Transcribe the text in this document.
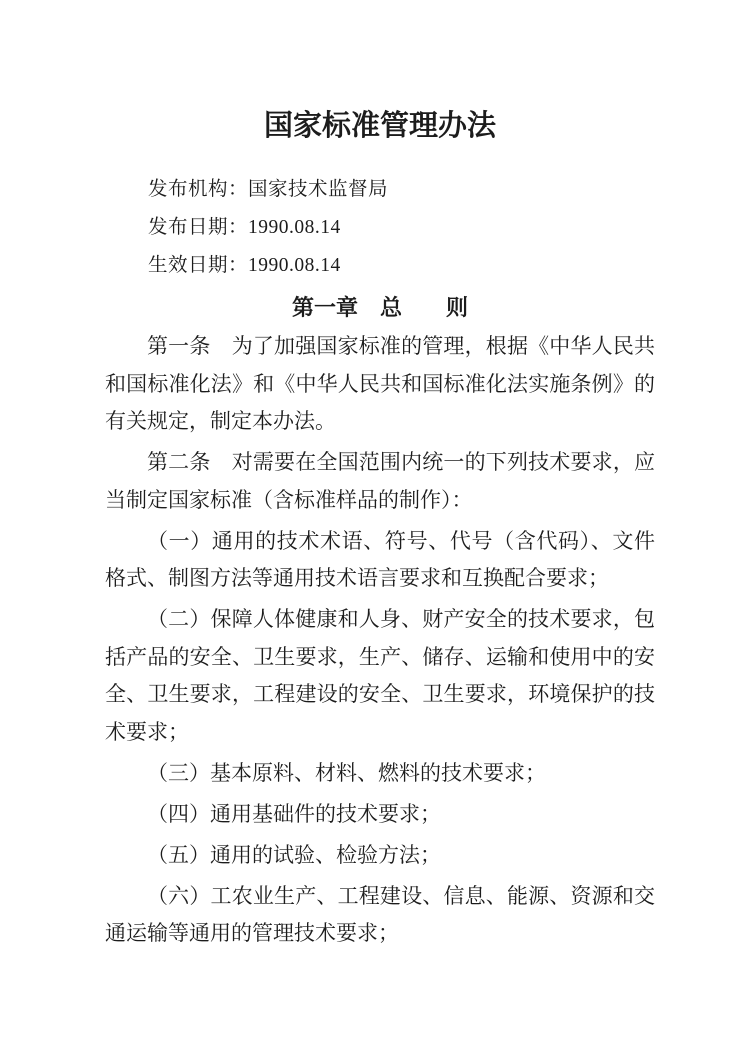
国家标准管理办法
发布机构：国家技术监督局
发布日期：1990.08.14
生效日期：1990.08.14
第一章　总　　则
第一条　为了加强国家标准的管理，根据《中华人民共
和国标准化法》和《中华人民共和国标准化法实施条例》的
有关规定，制定本办法。
第二条　对需要在全国范围内统一的下列技术要求，应
当制定国家标准（含标准样品的制作）：
（一）通用的技术术语、符号、代号（含代码）、文件
格式、制图方法等通用技术语言要求和互换配合要求；
（二）保障人体健康和人身、财产安全的技术要求，包
括产品的安全、卫生要求，生产、储存、运输和使用中的安
全、卫生要求，工程建设的安全、卫生要求，环境保护的技
术要求；
（三）基本原料、材料、燃料的技术要求；
（四）通用基础件的技术要求；
（五）通用的试验、检验方法；
（六）工农业生产、工程建设、信息、能源、资源和交
通运输等通用的管理技术要求；
